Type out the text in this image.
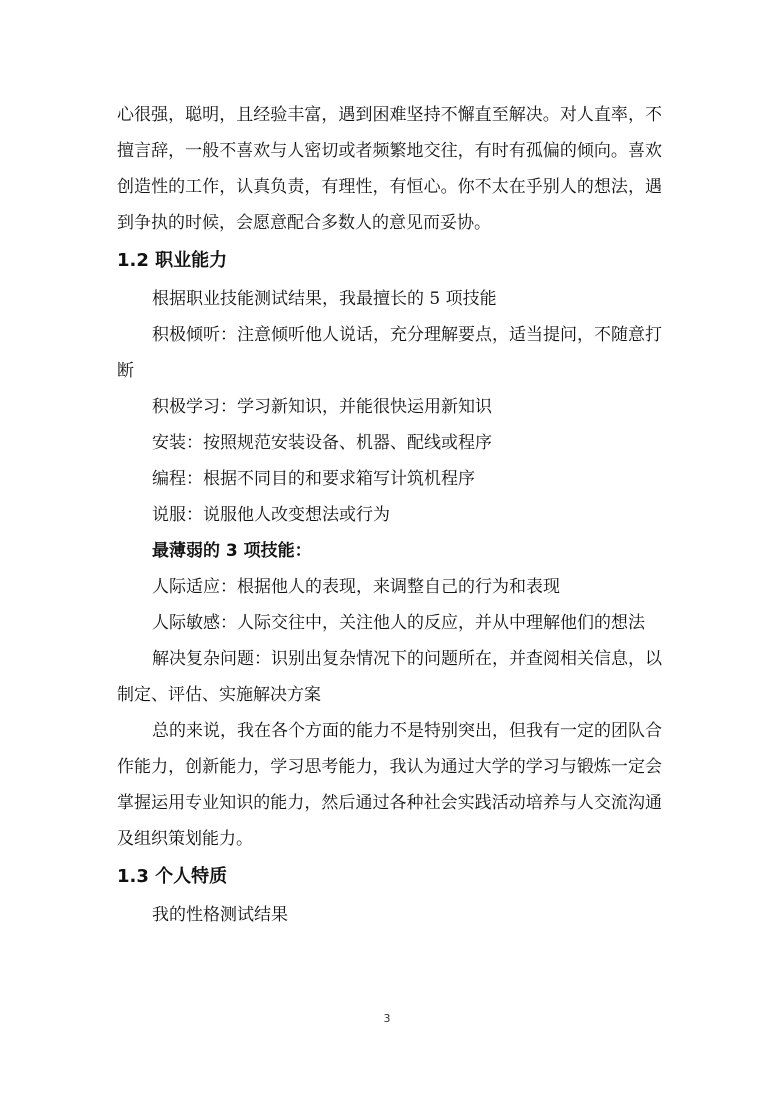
心很强，聪明，且经验丰富，遇到困难坚持不懈直至解决。对人直率，不擅言辞，一般不喜欢与人密切或者频繁地交往，有时有孤偏的倾向。喜欢创造性的工作，认真负责，有理性，有恒心。你不太在乎别人的想法，遇到争执的时候，会愿意配合多数人的意见而妥协。

1.2 职业能力

根据职业技能测试结果，我最擅长的 5 项技能

积极倾听：注意倾听他人说话，充分理解要点，适当提问，不随意打断

积极学习：学习新知识，并能很快运用新知识

安装：按照规范安装设备、机器、配线或程序

编程：根据不同目的和要求箱写计筑机程序

说服：说服他人改变想法或行为

最薄弱的 3 项技能：

人际适应：根据他人的表现，来调整自己的行为和表现

人际敏感：人际交往中，关注他人的反应，并从中理解他们的想法

解决复杂问题：识别出复杂情况下的问题所在，并查阅相关信息，以制定、评估、实施解决方案

总的来说，我在各个方面的能力不是特别突出，但我有一定的团队合作能力，创新能力，学习思考能力，我认为通过大学的学习与锻炼一定会掌握运用专业知识的能力，然后通过各种社会实践活动培养与人交流沟通及组织策划能力。

1.3 个人特质

我的性格测试结果

3
